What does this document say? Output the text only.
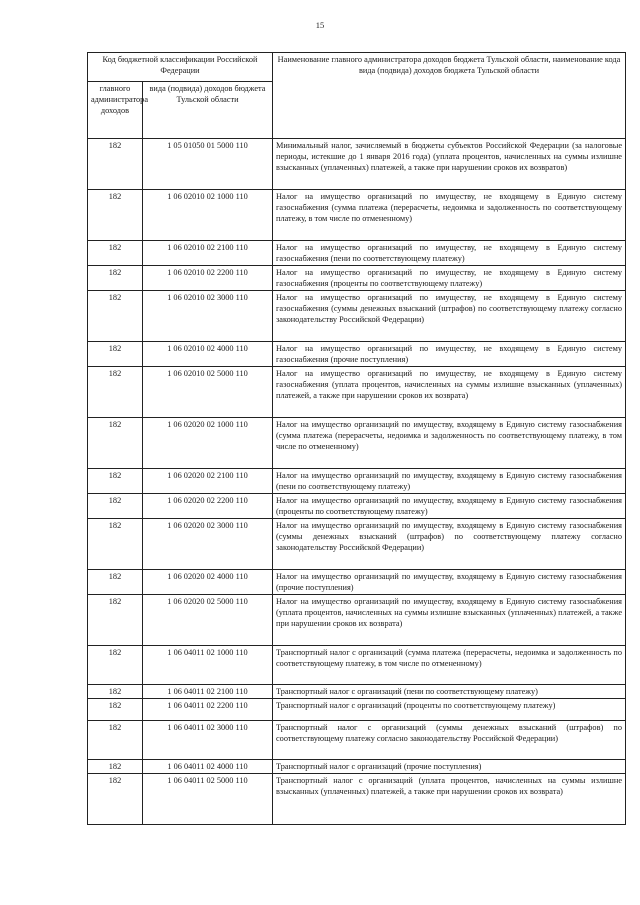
15
Код бюджетной классификации Российской Федерации		Наименование главного администратора доходов бюджета Тульской области, наименование кода вида (подвида) доходов бюджета Тульской области
главного администратора доходов	вида (подвида) доходов бюджета Тульской области	
182	1 05 01050 01 5000 110	Минимальный налог, зачисляемый в бюджеты субъектов Российской Федерации (за налоговые периоды, истекшие до 1 января 2016 года) (уплата процентов, начисленных на суммы излишне взысканных (уплаченных) платежей, а также при нарушении сроков их возвратов)
182	1 06 02010 02 1000 110	Налог на имущество организаций по имуществу, не входящему в Единую систему газоснабжения (сумма платежа (перерасчеты, недоимка и задолженность по соответствующему платежу, в том числе по отмененному)
182	1 06 02010 02 2100 110	Налог на имущество организаций по имуществу, не входящему в Единую систему газоснабжения (пени по соответствующему платежу)
182	1 06 02010 02 2200 110	Налог на имущество организаций по имуществу, не входящему в Единую систему газоснабжения (проценты по соответствующему платежу)
182	1 06 02010 02 3000 110	Налог на имущество организаций по имуществу, не входящему в Единую систему газоснабжения (суммы денежных взысканий (штрафов) по соответствующему платежу согласно законодательству Российской Федерации)
182	1 06 02010 02 4000 110	Налог на имущество организаций по имуществу, не входящему в Единую систему газоснабжения (прочие поступления)
182	1 06 02010 02 5000 110	Налог на имущество организаций по имуществу, не входящему в Единую систему газоснабжения (уплата процентов, начисленных на суммы излишне взысканных (уплаченных) платежей, а также при нарушении сроков их возврата)
182	1 06 02020 02 1000 110	Налог на имущество организаций по имуществу, входящему в Единую систему газоснабжения (сумма платежа (перерасчеты, недоимка и задолженность по соответствующему платежу, в том числе по отмененному)
182	1 06 02020 02 2100 110	Налог на имущество организаций по имуществу, входящему в Единую систему газоснабжения (пени по соответствующему платежу)
182	1 06 02020 02 2200 110	Налог на имущество организаций по имуществу, входящему в Единую систему газоснабжения (проценты по соответствующему платежу)
182	1 06 02020 02 3000 110	Налог на имущество организаций по имуществу, входящему в Единую систему газоснабжения (суммы денежных взысканий (штрафов) по соответствующему платежу согласно законодательству Российской Федерации)
182	1 06 02020 02 4000 110	Налог на имущество организаций по имуществу, входящему в Единую систему газоснабжения (прочие поступления)
182	1 06 02020 02 5000 110	Налог на имущество организаций по имуществу, входящему в Единую систему газоснабжения (уплата процентов, начисленных на суммы излишне взысканных (уплаченных) платежей, а также при нарушении сроков их возврата)
182	1 06 04011 02 1000 110	Транспортный налог с организаций (сумма платежа (перерасчеты, недоимка и задолженность по соответствующему платежу, в том числе по отмененному)
182	1 06 04011 02 2100 110	Транспортный налог с организаций (пени по соответствующему платежу)
182	1 06 04011 02 2200 110	Транспортный налог с организаций (проценты по соответствующему платежу)
182	1 06 04011 02 3000 110	Транспортный налог с организаций (суммы денежных взысканий (штрафов) по соответствующему платежу согласно законодательству Российской Федерации)
182	1 06 04011 02 4000 110	Транспортный налог с организаций (прочие поступления)
182	1 06 04011 02 5000 110	Транспортный налог с организаций (уплата процентов, начисленных на суммы излишне взысканных (уплаченных) платежей, а также при нарушении сроков их возврата)
